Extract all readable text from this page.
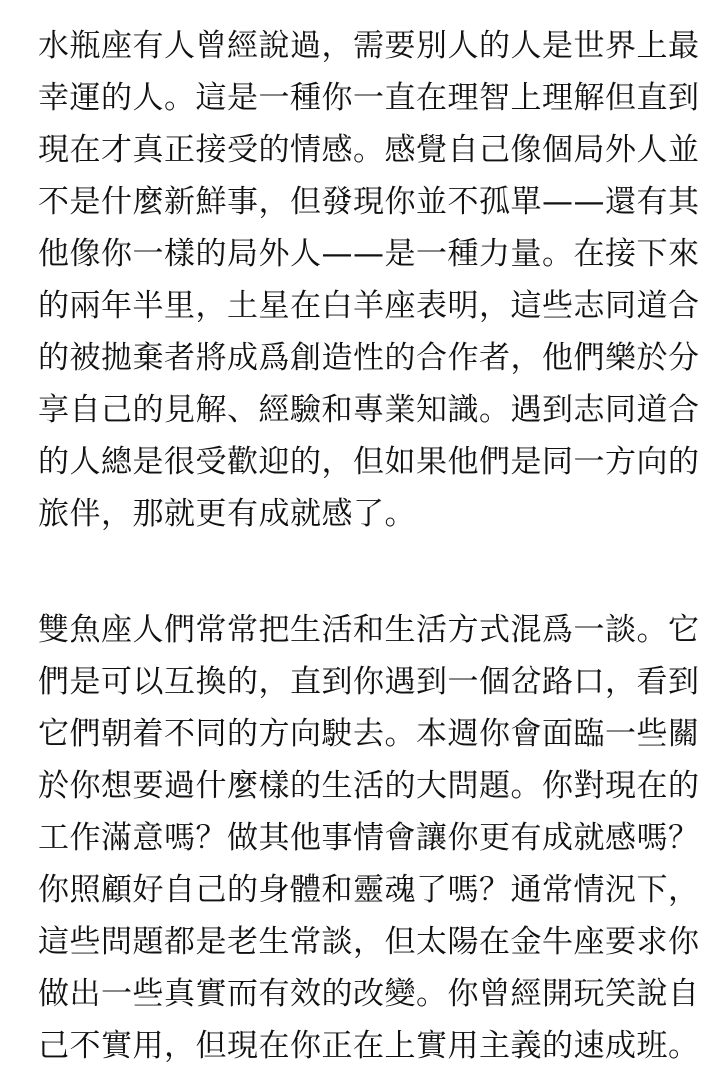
水瓶座有人曾經說過，需要別人的人是世界上最
幸運的人。這是一種你一直在理智上理解但直到
現在才真正接受的情感。感覺自己像個局外人並
不是什麼新鮮事，但發現你並不孤單——還有其
他像你一樣的局外人——是一種力量。在接下來
的兩年半里，土星在白羊座表明，這些志同道合
的被拋棄者將成爲創造性的合作者，他們樂於分
享自己的見解、經驗和專業知識。遇到志同道合
的人總是很受歡迎的，但如果他們是同一方向的
旅伴，那就更有成就感了。
雙魚座人們常常把生活和生活方式混爲一談。它
們是可以互換的，直到你遇到一個岔路口，看到
它們朝着不同的方向駛去。本週你會面臨一些關
於你想要過什麼樣的生活的大問題。你對現在的
工作滿意嗎？做其他事情會讓你更有成就感嗎？
你照顧好自己的身體和靈魂了嗎？通常情況下，
這些問題都是老生常談，但太陽在金牛座要求你
做出一些真實而有效的改變。你曾經開玩笑說自
己不實用，但現在你正在上實用主義的速成班。
